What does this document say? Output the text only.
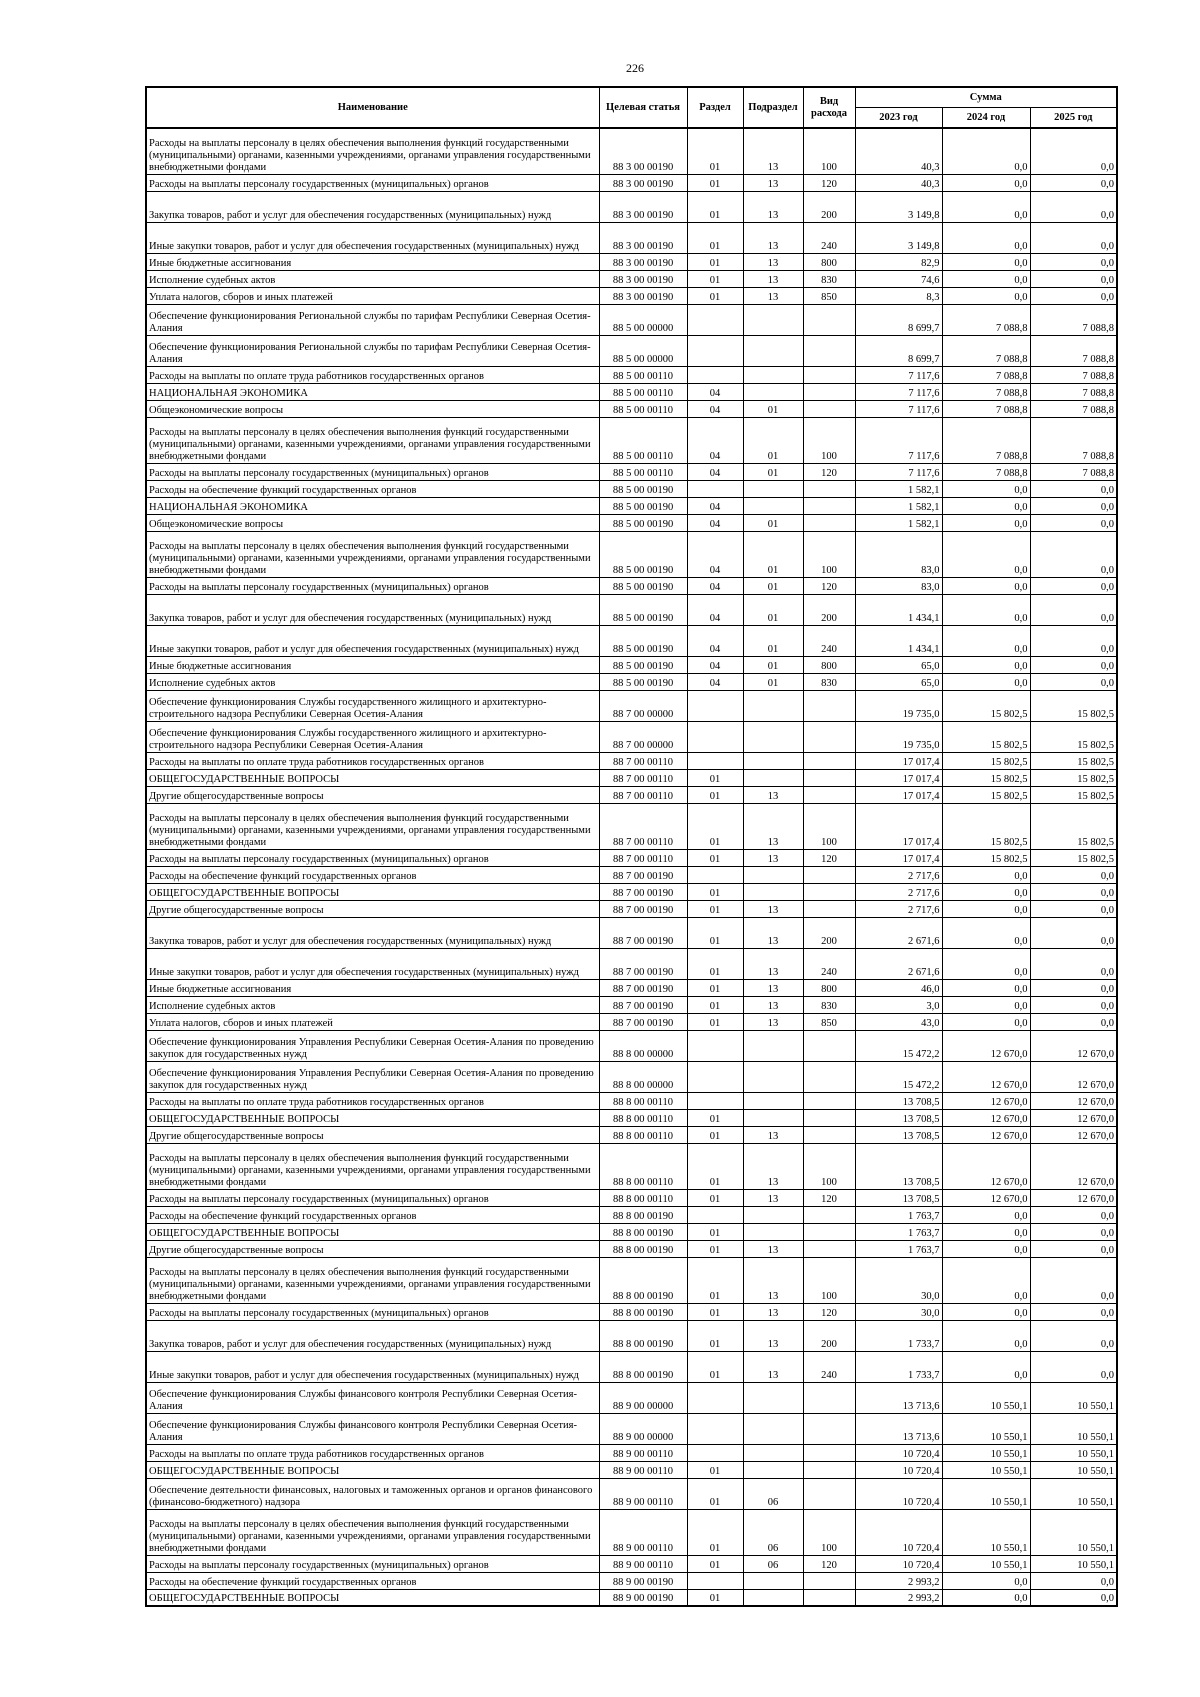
226
Наименование	Целевая статья	Раздел	Подраздел	Вид расхода	Сумма		
					2023 год	2024 год	2025 год
Расходы на выплаты персоналу в целях обеспечения выполнения функций государственными (муниципальными) органами, казенными учреждениями, органами управления государственными внебюджетными фондами	88 3 00 00190	01	13	100	40,3	0,0	0,0
Расходы на выплаты персоналу государственных (муниципальных) органов	88 3 00 00190	01	13	120	40,3	0,0	0,0
Закупка товаров, работ и услуг для обеспечения государственных (муниципальных) нужд	88 3 00 00190	01	13	200	3 149,8	0,0	0,0
Иные закупки товаров, работ и услуг для обеспечения государственных (муниципальных) нужд	88 3 00 00190	01	13	240	3 149,8	0,0	0,0
Иные бюджетные ассигнования	88 3 00 00190	01	13	800	82,9	0,0	0,0
Исполнение судебных актов	88 3 00 00190	01	13	830	74,6	0,0	0,0
Уплата налогов, сборов и иных платежей	88 3 00 00190	01	13	850	8,3	0,0	0,0
Обеспечение функционирования Региональной службы по тарифам Республики Северная Осетия-Алания	88 5 00 00000				8 699,7	7 088,8	7 088,8
Обеспечение функционирования Региональной службы по тарифам Республики Северная Осетия-Алания	88 5 00 00000				8 699,7	7 088,8	7 088,8
Расходы на выплаты по оплате труда работников государственных органов	88 5 00 00110				7 117,6	7 088,8	7 088,8
НАЦИОНАЛЬНАЯ ЭКОНОМИКА	88 5 00 00110	04			7 117,6	7 088,8	7 088,8
Общеэкономические вопросы	88 5 00 00110	04	01		7 117,6	7 088,8	7 088,8
Расходы на выплаты персоналу в целях обеспечения выполнения функций государственными (муниципальными) органами, казенными учреждениями, органами управления государственными внебюджетными фондами	88 5 00 00110	04	01	100	7 117,6	7 088,8	7 088,8
Расходы на выплаты персоналу государственных (муниципальных) органов	88 5 00 00110	04	01	120	7 117,6	7 088,8	7 088,8
Расходы на обеспечение функций государственных органов	88 5 00 00190				1 582,1	0,0	0,0
НАЦИОНАЛЬНАЯ ЭКОНОМИКА	88 5 00 00190	04			1 582,1	0,0	0,0
Общеэкономические вопросы	88 5 00 00190	04	01		1 582,1	0,0	0,0
Расходы на выплаты персоналу в целях обеспечения выполнения функций государственными (муниципальными) органами, казенными учреждениями, органами управления государственными внебюджетными фондами	88 5 00 00190	04	01	100	83,0	0,0	0,0
Расходы на выплаты персоналу государственных (муниципальных) органов	88 5 00 00190	04	01	120	83,0	0,0	0,0
Закупка товаров, работ и услуг для обеспечения государственных (муниципальных) нужд	88 5 00 00190	04	01	200	1 434,1	0,0	0,0
Иные закупки товаров, работ и услуг для обеспечения государственных (муниципальных) нужд	88 5 00 00190	04	01	240	1 434,1	0,0	0,0
Иные бюджетные ассигнования	88 5 00 00190	04	01	800	65,0	0,0	0,0
Исполнение судебных актов	88 5 00 00190	04	01	830	65,0	0,0	0,0
Обеспечение функционирования Службы государственного жилищного и архитектурно-строительного надзора Республики Северная Осетия-Алания	88 7 00 00000				19 735,0	15 802,5	15 802,5
Обеспечение функционирования Службы государственного жилищного и архитектурно-строительного надзора Республики Северная Осетия-Алания	88 7 00 00000				19 735,0	15 802,5	15 802,5
Расходы на выплаты по оплате труда работников государственных органов	88 7 00 00110				17 017,4	15 802,5	15 802,5
ОБЩЕГОСУДАРСТВЕННЫЕ ВОПРОСЫ	88 7 00 00110	01			17 017,4	15 802,5	15 802,5
Другие общегосударственные вопросы	88 7 00 00110	01	13		17 017,4	15 802,5	15 802,5
Расходы на выплаты персоналу в целях обеспечения выполнения функций государственными (муниципальными) органами, казенными учреждениями, органами управления государственными внебюджетными фондами	88 7 00 00110	01	13	100	17 017,4	15 802,5	15 802,5
Расходы на выплаты персоналу государственных (муниципальных) органов	88 7 00 00110	01	13	120	17 017,4	15 802,5	15 802,5
Расходы на обеспечение функций государственных органов	88 7 00 00190				2 717,6	0,0	0,0
ОБЩЕГОСУДАРСТВЕННЫЕ ВОПРОСЫ	88 7 00 00190	01			2 717,6	0,0	0,0
Другие общегосударственные вопросы	88 7 00 00190	01	13		2 717,6	0,0	0,0
Закупка товаров, работ и услуг для обеспечения государственных (муниципальных) нужд	88 7 00 00190	01	13	200	2 671,6	0,0	0,0
Иные закупки товаров, работ и услуг для обеспечения государственных (муниципальных) нужд	88 7 00 00190	01	13	240	2 671,6	0,0	0,0
Иные бюджетные ассигнования	88 7 00 00190	01	13	800	46,0	0,0	0,0
Исполнение судебных актов	88 7 00 00190	01	13	830	3,0	0,0	0,0
Уплата налогов, сборов и иных платежей	88 7 00 00190	01	13	850	43,0	0,0	0,0
Обеспечение функционирования Управления Республики Северная Осетия-Алания по проведению закупок для государственных нужд	88 8 00 00000				15 472,2	12 670,0	12 670,0
Обеспечение функционирования Управления Республики Северная Осетия-Алания по проведению закупок для государственных нужд	88 8 00 00000				15 472,2	12 670,0	12 670,0
Расходы на выплаты по оплате труда работников государственных органов	88 8 00 00110				13 708,5	12 670,0	12 670,0
ОБЩЕГОСУДАРСТВЕННЫЕ ВОПРОСЫ	88 8 00 00110	01			13 708,5	12 670,0	12 670,0
Другие общегосударственные вопросы	88 8 00 00110	01	13		13 708,5	12 670,0	12 670,0
Расходы на выплаты персоналу в целях обеспечения выполнения функций государственными (муниципальными) органами, казенными учреждениями, органами управления государственными внебюджетными фондами	88 8 00 00110	01	13	100	13 708,5	12 670,0	12 670,0
Расходы на выплаты персоналу государственных (муниципальных) органов	88 8 00 00110	01	13	120	13 708,5	12 670,0	12 670,0
Расходы на обеспечение функций государственных органов	88 8 00 00190				1 763,7	0,0	0,0
ОБЩЕГОСУДАРСТВЕННЫЕ ВОПРОСЫ	88 8 00 00190	01			1 763,7	0,0	0,0
Другие общегосударственные вопросы	88 8 00 00190	01	13		1 763,7	0,0	0,0
Расходы на выплаты персоналу в целях обеспечения выполнения функций государственными (муниципальными) органами, казенными учреждениями, органами управления государственными внебюджетными фондами	88 8 00 00190	01	13	100	30,0	0,0	0,0
Расходы на выплаты персоналу государственных (муниципальных) органов	88 8 00 00190	01	13	120	30,0	0,0	0,0
Закупка товаров, работ и услуг для обеспечения государственных (муниципальных) нужд	88 8 00 00190	01	13	200	1 733,7	0,0	0,0
Иные закупки товаров, работ и услуг для обеспечения государственных (муниципальных) нужд	88 8 00 00190	01	13	240	1 733,7	0,0	0,0
Обеспечение функционирования Службы финансового контроля Республики Северная Осетия-Алания	88 9 00 00000				13 713,6	10 550,1	10 550,1
Обеспечение функционирования Службы финансового контроля Республики Северная Осетия-Алания	88 9 00 00000				13 713,6	10 550,1	10 550,1
Расходы на выплаты по оплате труда работников государственных органов	88 9 00 00110				10 720,4	10 550,1	10 550,1
ОБЩЕГОСУДАРСТВЕННЫЕ ВОПРОСЫ	88 9 00 00110	01			10 720,4	10 550,1	10 550,1
Обеспечение деятельности финансовых, налоговых и таможенных органов и органов финансового (финансово-бюджетного) надзора	88 9 00 00110	01	06		10 720,4	10 550,1	10 550,1
Расходы на выплаты персоналу в целях обеспечения выполнения функций государственными (муниципальными) органами, казенными учреждениями, органами управления государственными внебюджетными фондами	88 9 00 00110	01	06	100	10 720,4	10 550,1	10 550,1
Расходы на выплаты персоналу государственных (муниципальных) органов	88 9 00 00110	01	06	120	10 720,4	10 550,1	10 550,1
Расходы на обеспечение функций государственных органов	88 9 00 00190				2 993,2	0,0	0,0
ОБЩЕГОСУДАРСТВЕННЫЕ ВОПРОСЫ	88 9 00 00190	01			2 993,2	0,0	0,0
